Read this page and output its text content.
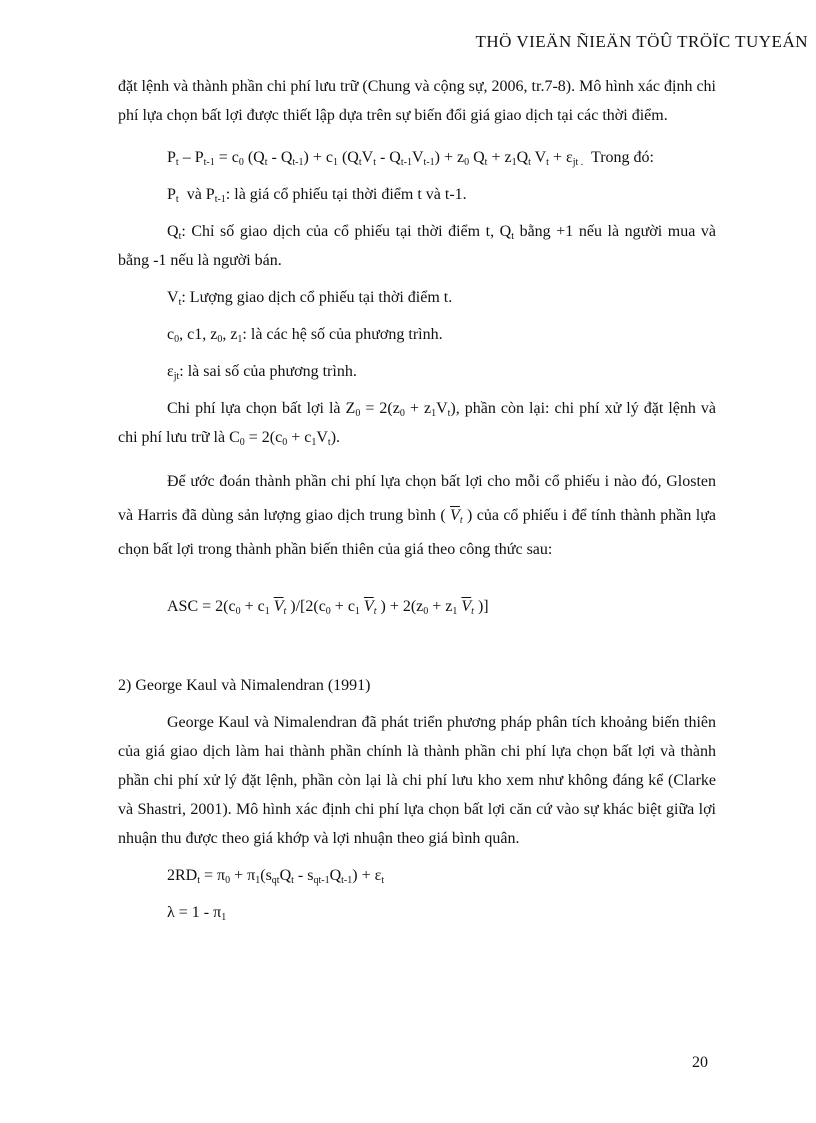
THÖ VIEÄN ÑIEÄN TÖÛ TRÖÏC TUYEÁN

đặt lệnh và thành phần chi phí lưu trữ (Chung và cộng sự, 2006, tr.7-8). Mô hình xác định chi phí lựa chọn bất lợi được thiết lập dựa trên sự biến đổi giá giao dịch tại các thời điểm.

$P_t - P_{t-1} = c_0$ $(Q_t - Q_{t-1}) + c_1$ $(Q_tV_t - Q_{t-1}V_{t-1}) + z_0$ $Q_t + z_1Q_t$ $V_t + \varepsilon_{jt .}$  Trong đó:

$P_t$  và $P_{t-1}$: là giá cổ phiếu tại thời điểm t và t-1.

$Q_t$: Chỉ số giao dịch của cổ phiếu tại thời điểm t, $Q_t$ bằng +1 nếu là người mua và bằng -1 nếu là người bán.

$V_t$: Lượng giao dịch cổ phiếu tại thời điểm t.

$c_0$, c1, $z_0$, $z_1$: là các hệ số của phương trình.

$\varepsilon_{jt}$: là sai số của phương trình.

Chi phí lựa chọn bất lợi là $Z_0 = 2(z_0 + z_1V_t)$, phần còn lại: chi phí xử lý đặt lệnh và chi phí lưu trữ là $C_0 = 2(c_0 + c_1V_t)$.

Để ước đoán thành phần chi phí lựa chọn bất lợi cho mỗi cổ phiếu i nào đó, Glosten và Harris đã dùng sản lượng giao dịch trung bình ( $\overline{V}_t$ ) của cổ phiếu i để tính thành phần lựa chọn bất lợi trong thành phần biến thiên của giá theo công thức sau:

ASC = $2(c_0 + c_1$ $\overline{V}_t$ )$/[2(c_0 + c_1$ $\overline{V}_t$ ) + $2(z_0 + z_1$ $\overline{V}_t$ )]

2) George Kaul và Nimalendran (1991)

George Kaul và Nimalendran đã phát triển phương pháp phân tích khoảng biến thiên của giá giao dịch làm hai thành phần chính là thành phần chi phí lựa chọn bất lợi và thành phần chi phí xử lý đặt lệnh, phần còn lại là chi phí lưu kho xem như không đáng kể (Clarke và Shastri, 2001). Mô hình xác định chi phí lựa chọn bất lợi căn cứ vào sự khác biệt giữa lợi nhuận thu được theo giá khớp và lợi nhuận theo giá bình quân.

$2RD_t = \pi_0 + \pi_1(s_{qt}Q_t - s_{qt-1}Q_{t-1}) + \varepsilon_t$

$\lambda = 1 - \pi_1$

20
